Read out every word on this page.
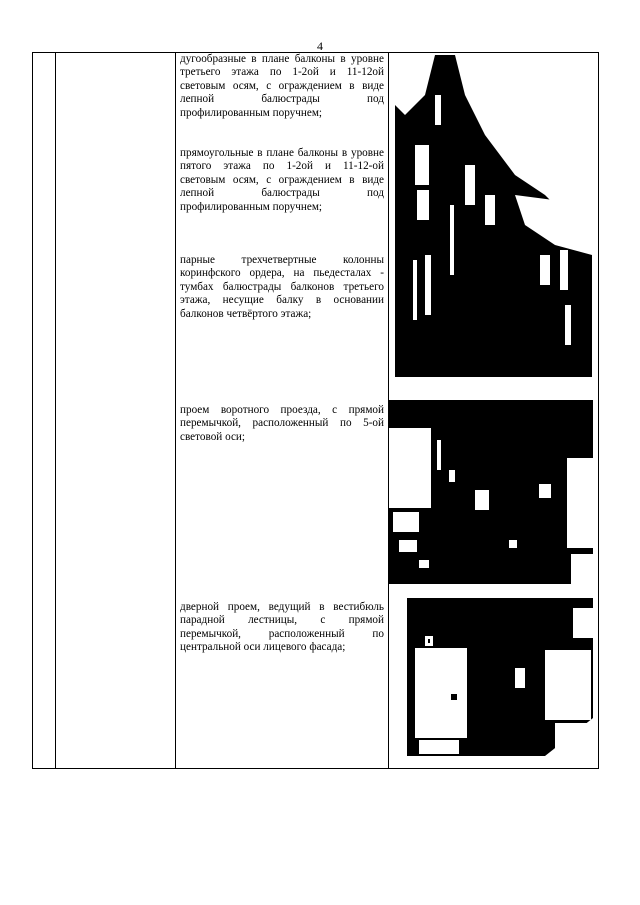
4

дугообразные в плане балконы в уровне третьего этажа по 1-2ой и 11-12ой световым осям, с ограждением в виде лепной балюстрады под профилированным поручнем;
прямоугольные в плане балконы в уровне пятого этажа по 1-2ой и 11-12-ой световым осям, с ограждением в виде лепной балюстрады под профилированным поручнем;
парные трехчетвертные колонны коринфского ордера, на пьедесталах - тумбах балюстрады балконов третьего этажа, несущие балку в основании балконов четвёртого этажа;
проем воротного проезда, с прямой перемычкой, расположенный по 5-ой световой оси;
дверной проем, ведущий в вестибюль парадной лестницы, с прямой перемычкой, расположенный по центральной оси лицевого фасада;
